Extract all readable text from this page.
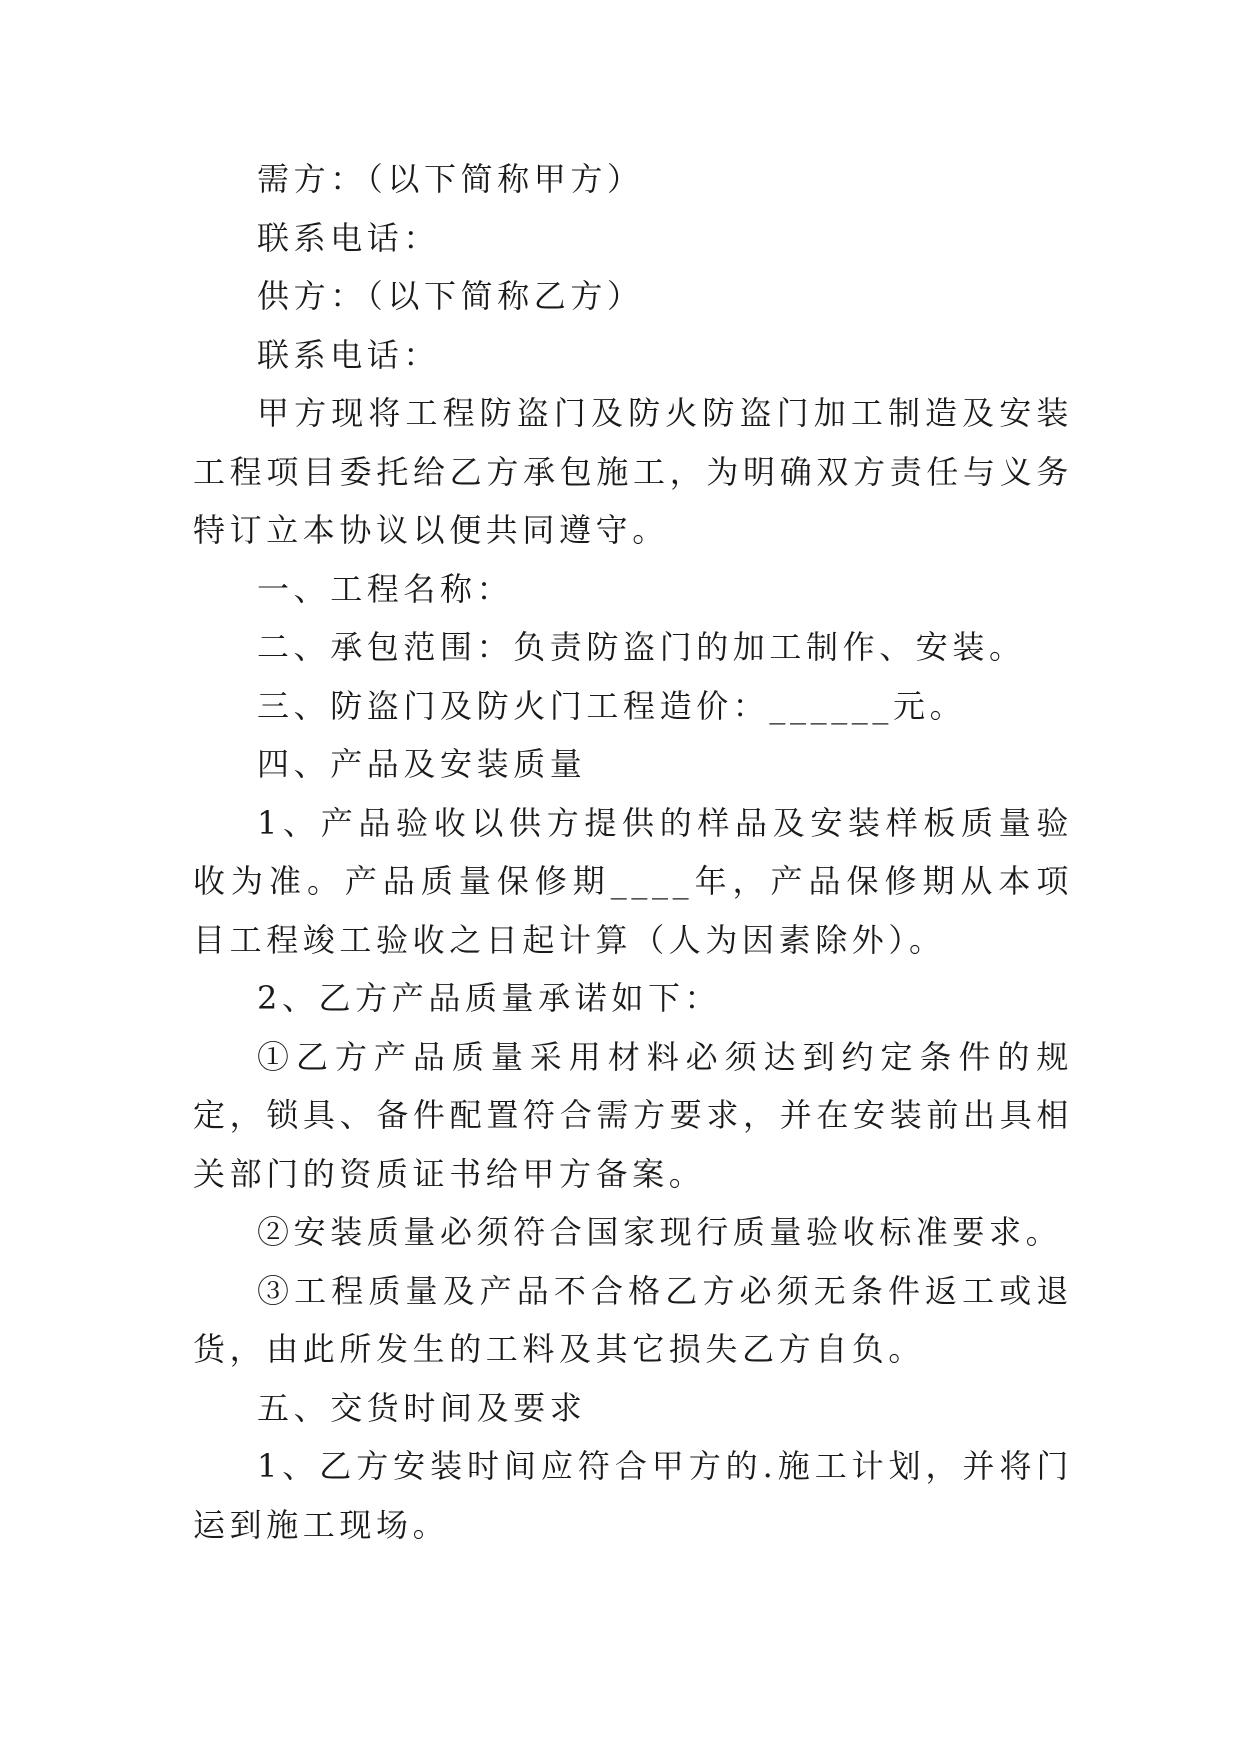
需方：（以下简称甲方）

联系电话：

供方：（以下简称乙方）

联系电话：

甲方现将工程防盗门及防火防盗门加工制造及安装工程项目委托给乙方承包施工，为明确双方责任与义务特订立本协议以便共同遵守。

一、工程名称：

二、承包范围：负责防盗门的加工制作、安装。

三、防盗门及防火门工程造价：______元。

四、产品及安装质量

1、产品验收以供方提供的样品及安装样板质量验收为准。产品质量保修期____年，产品保修期从本项目工程竣工验收之日起计算（人为因素除外）。

2、乙方产品质量承诺如下：

①乙方产品质量采用材料必须达到约定条件的规定，锁具、备件配置符合需方要求，并在安装前出具相关部门的资质证书给甲方备案。

②安装质量必须符合国家现行质量验收标准要求。

③工程质量及产品不合格乙方必须无条件返工或退货，由此所发生的工料及其它损失乙方自负。

五、交货时间及要求

1、乙方安装时间应符合甲方的.施工计划，并将门运到施工现场。
